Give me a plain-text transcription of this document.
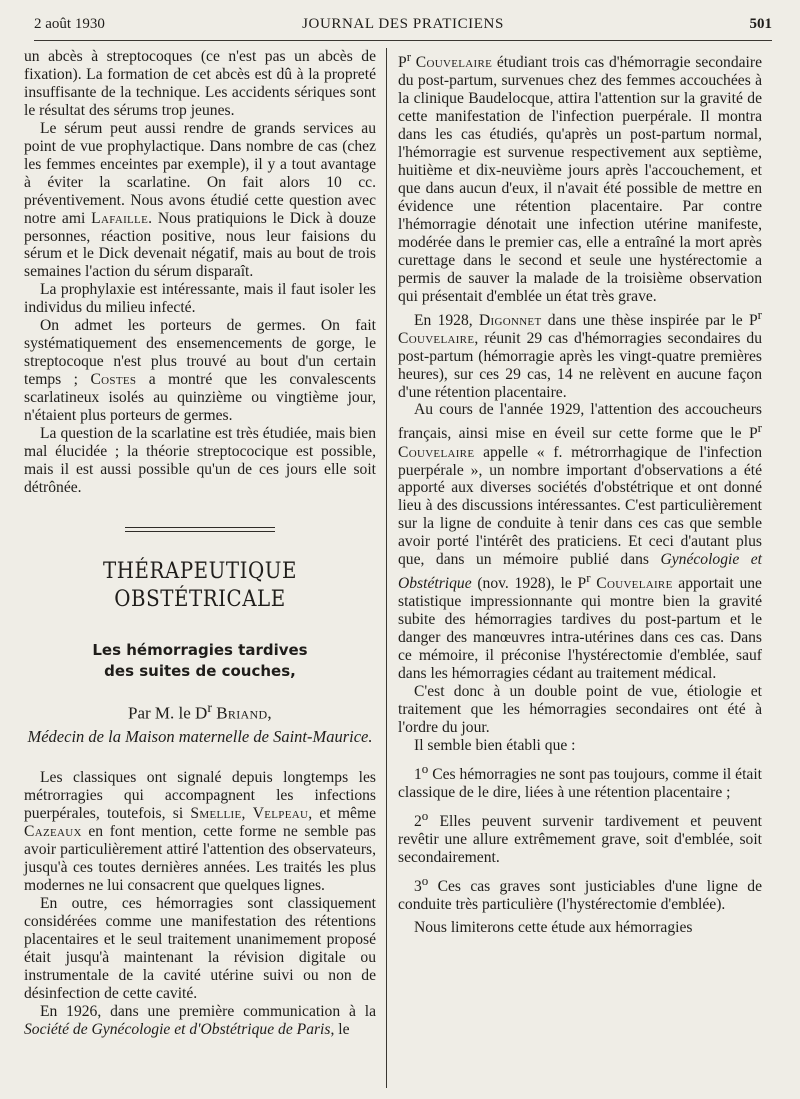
2 août 1930	JOURNAL DES PRATICIENS	501

un abcès à streptocoques (ce n'est pas un abcès de fixation). La formation de cet abcès est dû à la propreté insuffisante de la technique. Les accidents sériques sont le résultat des sérums trop jeunes.

Le sérum peut aussi rendre de grands services au point de vue prophylactique. Dans nombre de cas (chez les femmes enceintes par exemple), il y a tout avantage à éviter la scarlatine. On fait alors 10 cc. préventivement. Nous avons étudié cette question avec notre ami Lafaille. Nous pratiquions le Dick à douze personnes, réaction positive, nous leur faisions du sérum et le Dick devenait négatif, mais au bout de trois semaines l'action du sérum disparaît.

La prophylaxie est intéressante, mais il faut isoler les individus du milieu infecté.

On admet les porteurs de germes. On fait systématiquement des ensemencements de gorge, le streptocoque n'est plus trouvé au bout d'un certain temps ; Costes a montré que les convalescents scarlatineux isolés au quinzième ou vingtième jour, n'étaient plus porteurs de germes.

La question de la scarlatine est très étudiée, mais bien mal élucidée ; la théorie streptococique est possible, mais il est aussi possible qu'un de ces jours elle soit détrônée.

THÉRAPEUTIQUE OBSTÉTRICALE
Les hémorragies tardives
des suites de couches,

Par M. le $D^r$ Briand,

Médecin de la Maison maternelle de Saint-Maurice.

Les classiques ont signalé depuis longtemps les métrorragies qui accompagnent les infections puerpérales, toutefois, si Smellie, Velpeau, et même Cazeaux en font mention, cette forme ne semble pas avoir particulièrement attiré l'attention des observateurs, jusqu'à ces toutes dernières années. Les traités les plus modernes ne lui consacrent que quelques lignes.

En outre, ces hémorragies sont classiquement considérées comme une manifestation des rétentions placentaires et le seul traitement unanimement proposé était jusqu'à maintenant la révision digitale ou instrumentale de la cavité utérine suivi ou non de désinfection de cette cavité.

En 1926, dans une première communication à la Société de Gynécologie et d'Obstétrique de Paris, le

$P^r$ Couvelaire étudiant trois cas d'hémorragie secondaire du post-partum, survenues chez des femmes accouchées à la clinique Baudelocque, attira l'attention sur la gravité de cette manifestation de l'infection puerpérale. Il montra dans les cas étudiés, qu'après un post-partum normal, l'hémorragie est survenue respectivement aux septième, huitième et dix-neuvième jours après l'accouchement, et que dans aucun d'eux, il n'avait été possible de mettre en évidence une rétention placentaire. Par contre l'hémorragie dénotait une infection utérine manifeste, modérée dans le premier cas, elle a entraîné la mort après curettage dans le second et seule une hystérectomie a permis de sauver la malade de la troisième observation qui présentait d'emblée un état très grave.

En 1928, Digonnet dans une thèse inspirée par le $P^r$ Couvelaire, réunit 29 cas d'hémorragies secondaires du post-partum (hémorragie après les vingt-quatre premières heures), sur ces 29 cas, 14 ne relèvent en aucune façon d'une rétention placentaire.

Au cours de l'année 1929, l'attention des accoucheurs français, ainsi mise en éveil sur cette forme que le $P^r$ Couvelaire appelle « f. métrorrhagique de l'infection puerpérale », un nombre important d'observations a été apporté aux diverses sociétés d'obstétrique et ont donné lieu à des discussions intéressantes. C'est particulièrement sur la ligne de conduite à tenir dans ces cas que semble avoir porté l'intérêt des praticiens. Et ceci d'autant plus que, dans un mémoire publié dans Gynécologie et Obstétrique (nov. 1928), le $P^r$ Couvelaire apportait une statistique impressionnante qui montre bien la gravité subite des hémorragies tardives du post-partum et le danger des manœuvres intra-utérines dans ces cas. Dans ce mémoire, il préconise l'hystérectomie d'emblée, sauf dans les hémorragies cédant au traitement médical.

C'est donc à un double point de vue, étiologie et traitement que les hémorragies secondaires ont été à l'ordre du jour.

Il semble bien établi que :

1$^o$ Ces hémorragies ne sont pas toujours, comme il était classique de le dire, liées à une rétention placentaire ;

2$^o$ Elles peuvent survenir tardivement et peuvent revêtir une allure extrêmement grave, soit d'emblée, soit secondairement.

3$^o$ Ces cas graves sont justiciables d'une ligne de conduite très particulière (l'hystérectomie d'emblée).

Nous limiterons cette étude aux hémorragies
